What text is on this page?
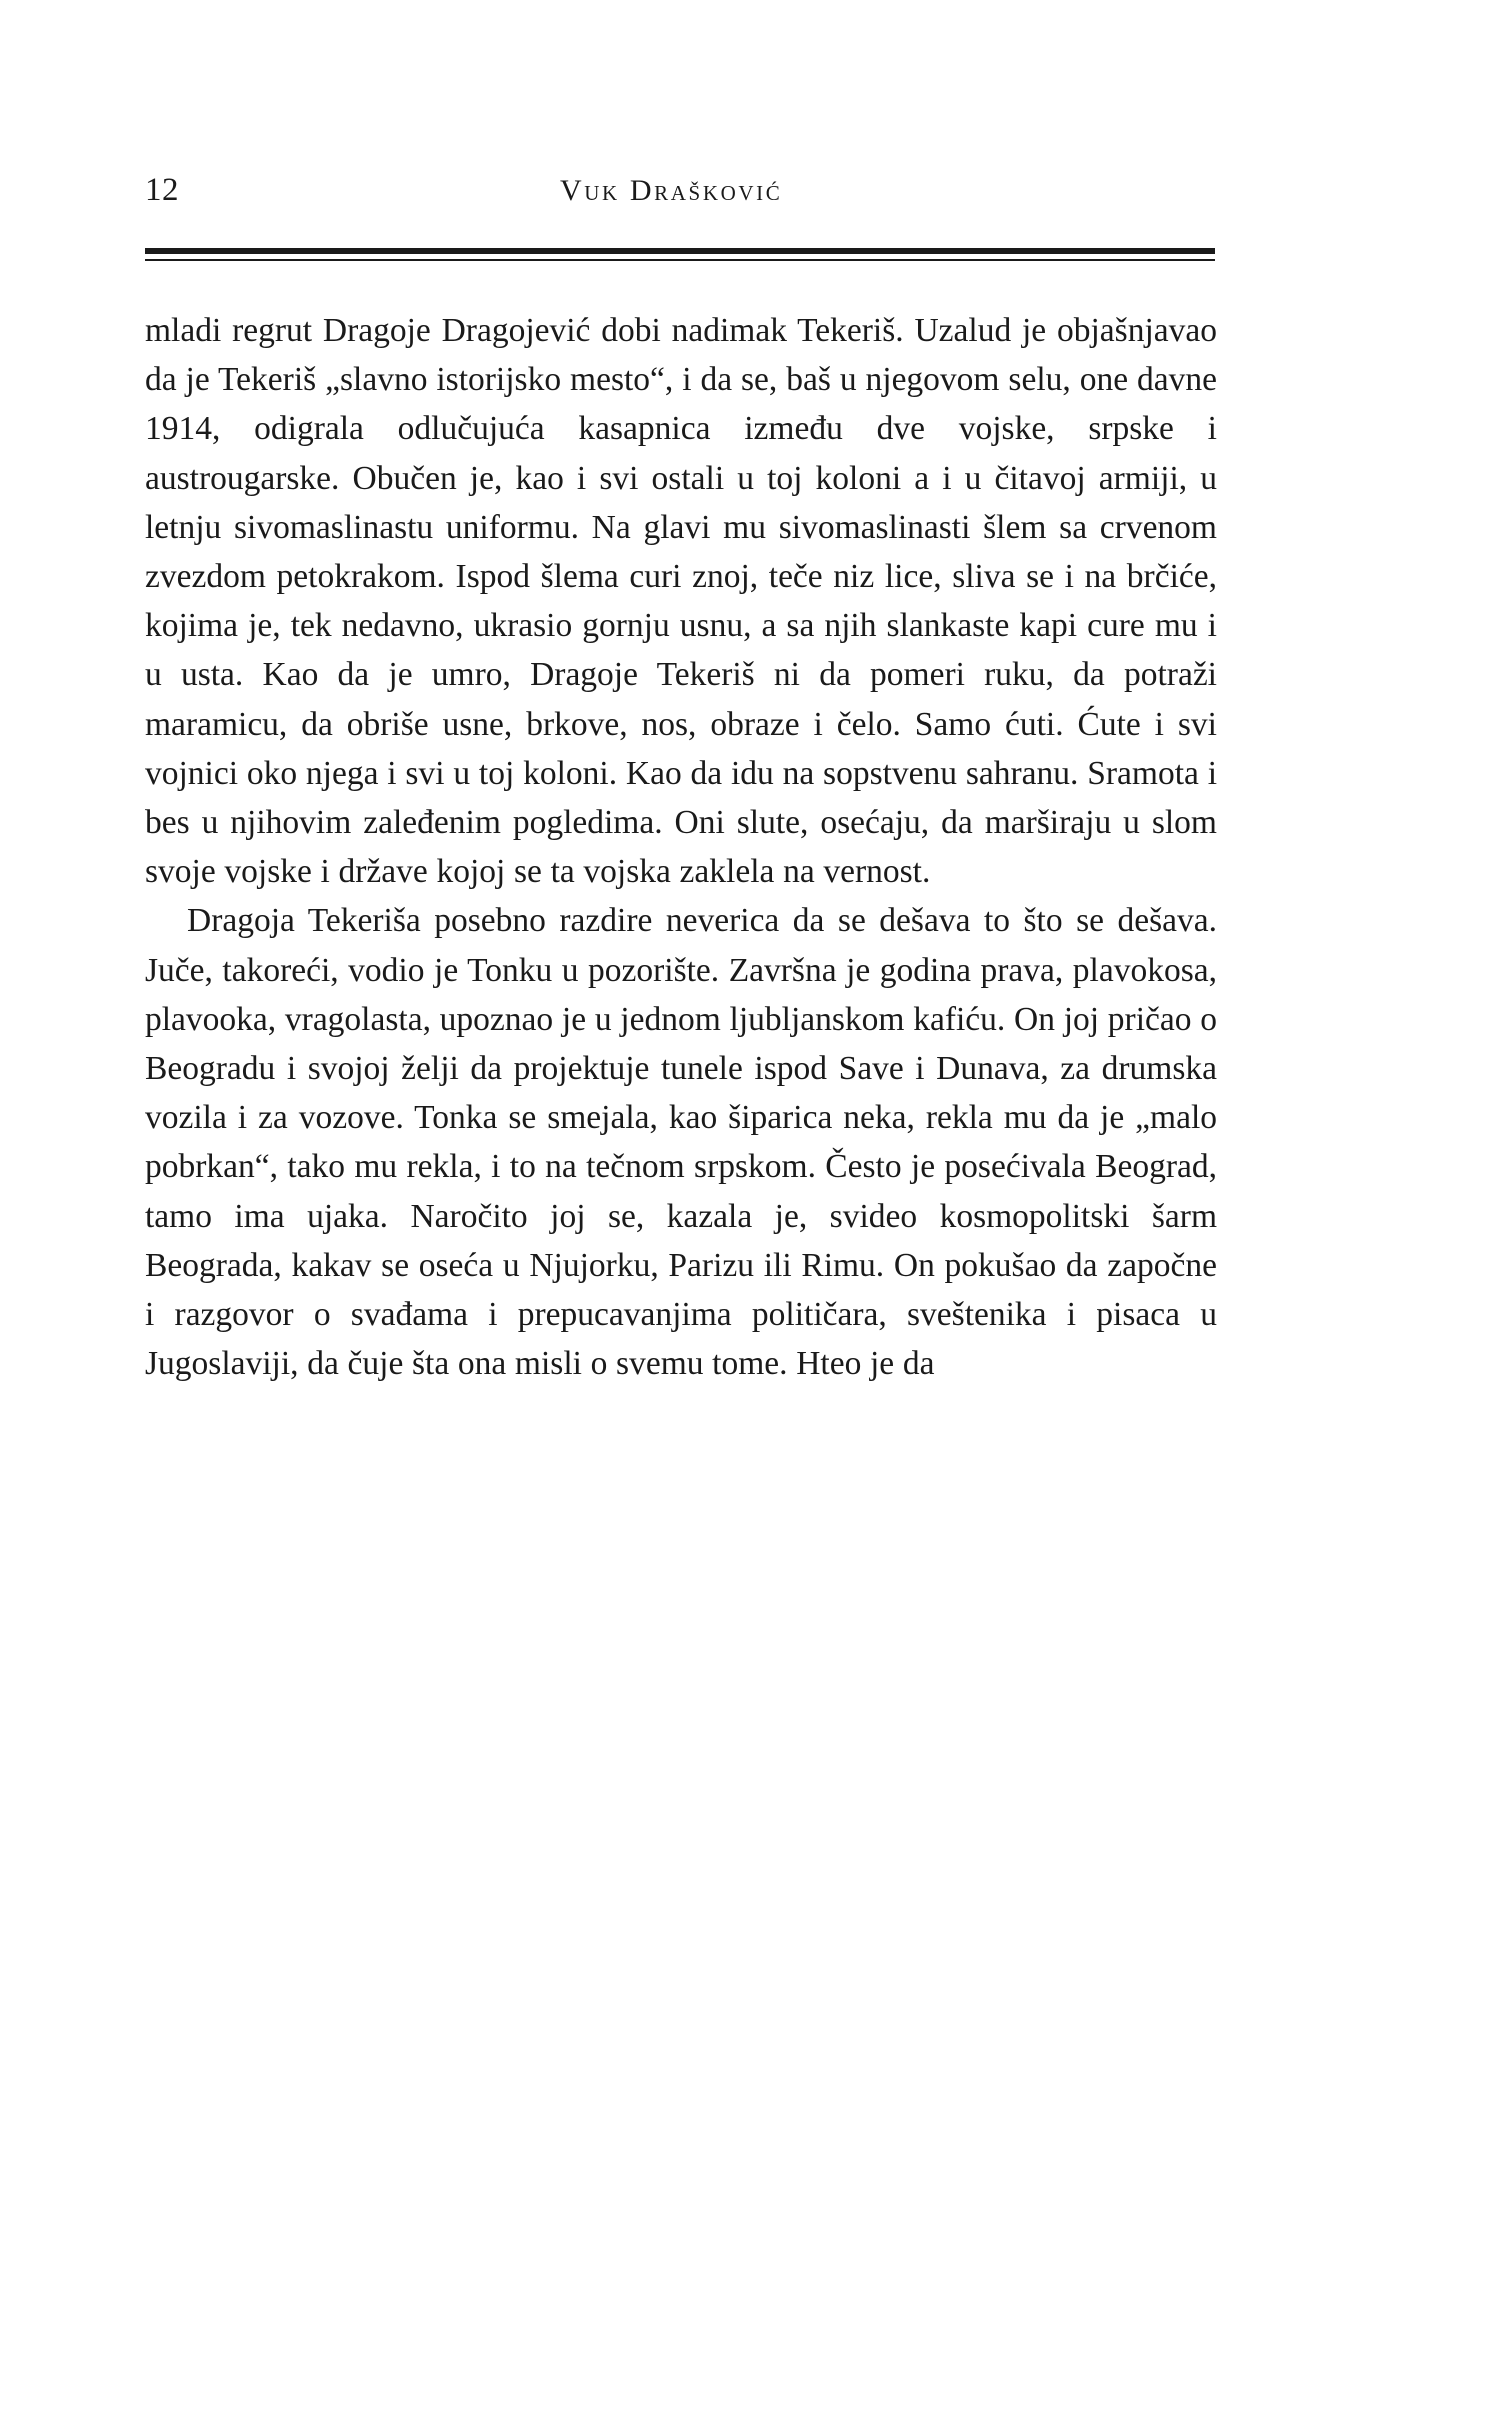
12	Vuk Drašković

mladi regrut Dragoje Dragojević dobi nadimak Tekeriš. Uzalud je objašnjavao da je Tekeriš „slavno istorijsko mesto“, i da se, baš u njegovom selu, one davne 1914, odigrala odlučujuća kasapnica između dve vojske, srpske i austrougarske. Obučen je, kao i svi ostali u toj koloni a i u čitavoj armiji, u letnju sivomaslinastu uniformu. Na glavi mu sivomaslinasti šlem sa crvenom zvezdom petokrakom. Ispod šlema curi znoj, teče niz lice, sliva se i na brčiće, kojima je, tek nedavno, ukrasio gornju usnu, a sa njih slankaste kapi cure mu i u usta. Kao da je umro, Dragoje Tekeriš ni da pomeri ruku, da potraži maramicu, da obriše usne, brkove, nos, obraze i čelo. Samo ćuti. Ćute i svi vojnici oko njega i svi u toj koloni. Kao da idu na sopstvenu sahranu. Sramota i bes u njihovim zaleđenim pogledima. Oni slute, osećaju, da marširaju u slom svoje vojske i države kojoj se ta vojska zaklela na vernost.

Dragoja Tekeriša posebno razdire neverica da se dešava to što se dešava. Juče, takoreći, vodio je Tonku u pozorište. Završna je godina prava, plavokosa, plavooka, vragolasta, upoznao je u jednom ljubljanskom kafiću. On joj pričao o Beogradu i svojoj želji da projektuje tunele ispod Save i Dunava, za drumska vozila i za vozove. Tonka se smejala, kao šiparica neka, rekla mu da je „malo pobrkan“, tako mu rekla, i to na tečnom srpskom. Često je posećivala Beograd, tamo ima ujaka. Naročito joj se, kazala je, svideo kosmopolitski šarm Beograda, kakav se oseća u Njujorku, Parizu ili Rimu. On pokušao da započne i razgovor o svađama i prepucavanjima političara, sveštenika i pisaca u Jugoslaviji, da čuje šta ona misli o svemu tome. Hteo je da
